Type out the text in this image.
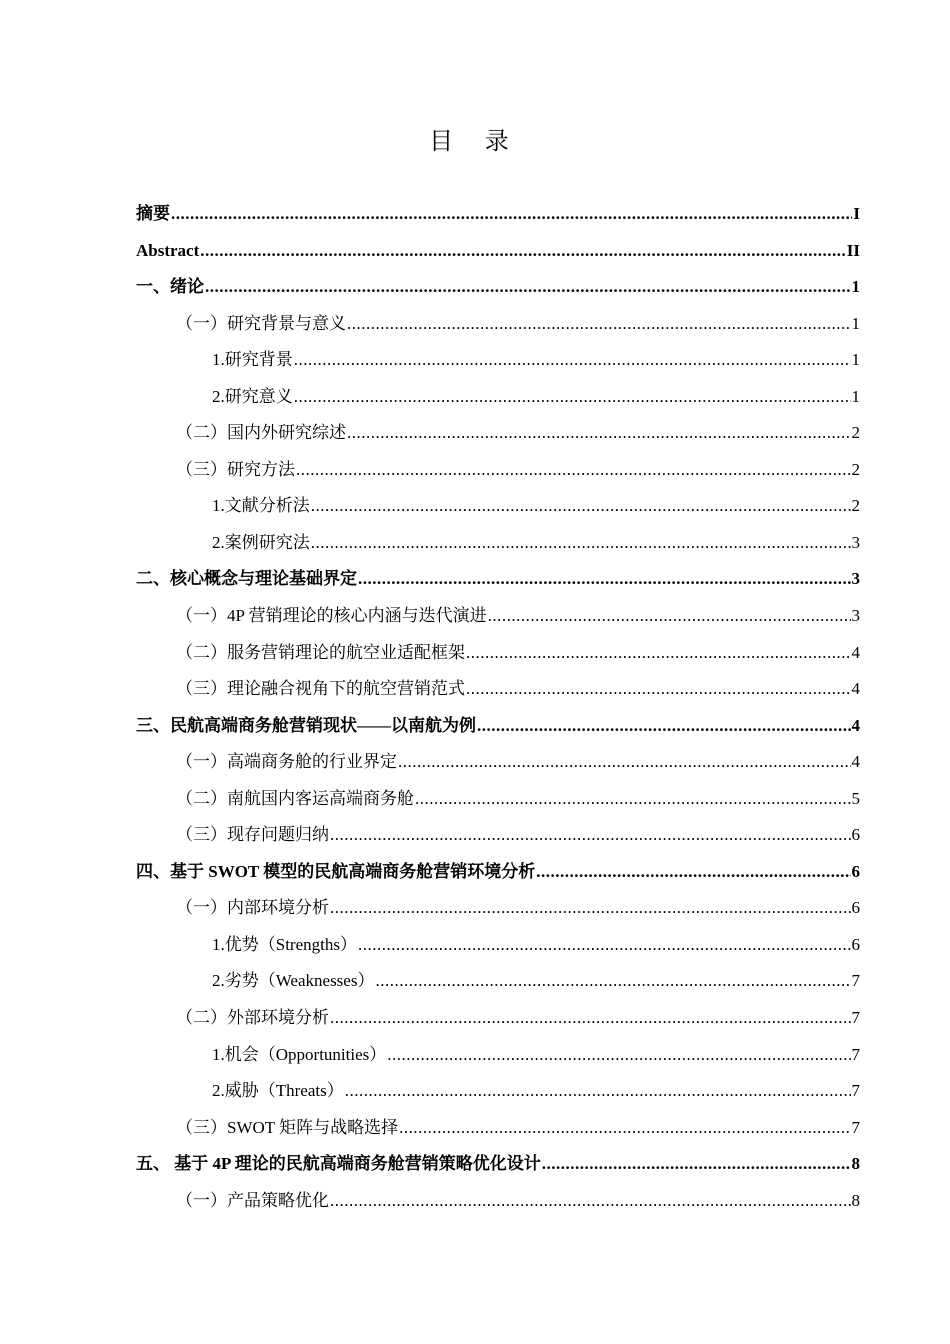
目 录
摘要 .....	I
Abstract .....	II
一、绪论 .....	1
（一）研究背景与意义 .....	1
1.研究背景 .....	1
2.研究意义 .....	1
（二）国内外研究综述 .....	2
（三）研究方法 .....	2
1.文献分析法 .....	2
2.案例研究法 .....	3
二、核心概念与理论基础界定 .....	3
（一）4P 营销理论的核心内涵与迭代演进 .....	3
（二）服务营销理论的航空业适配框架 .....	4
（三）理论融合视角下的航空营销范式 .....	4
三、民航高端商务舱营销现状——以南航为例 .....	4
（一）高端商务舱的行业界定 .....	4
（二）南航国内客运高端商务舱 .....	5
（三）现存问题归纳 .....	6
四、基于 SWOT 模型的民航高端商务舱营销环境分析 .....	6
（一）内部环境分析 .....	6
1.优势（Strengths） .....	6
2.劣势（Weaknesses） .....	7
（二）外部环境分析 .....	7
1.机会（Opportunities） .....	7
2.威胁（Threats） .....	7
（三）SWOT 矩阵与战略选择 .....	7
五、 基于 4P 理论的民航高端商务舱营销策略优化设计 .....	8
（一）产品策略优化 .....	8
